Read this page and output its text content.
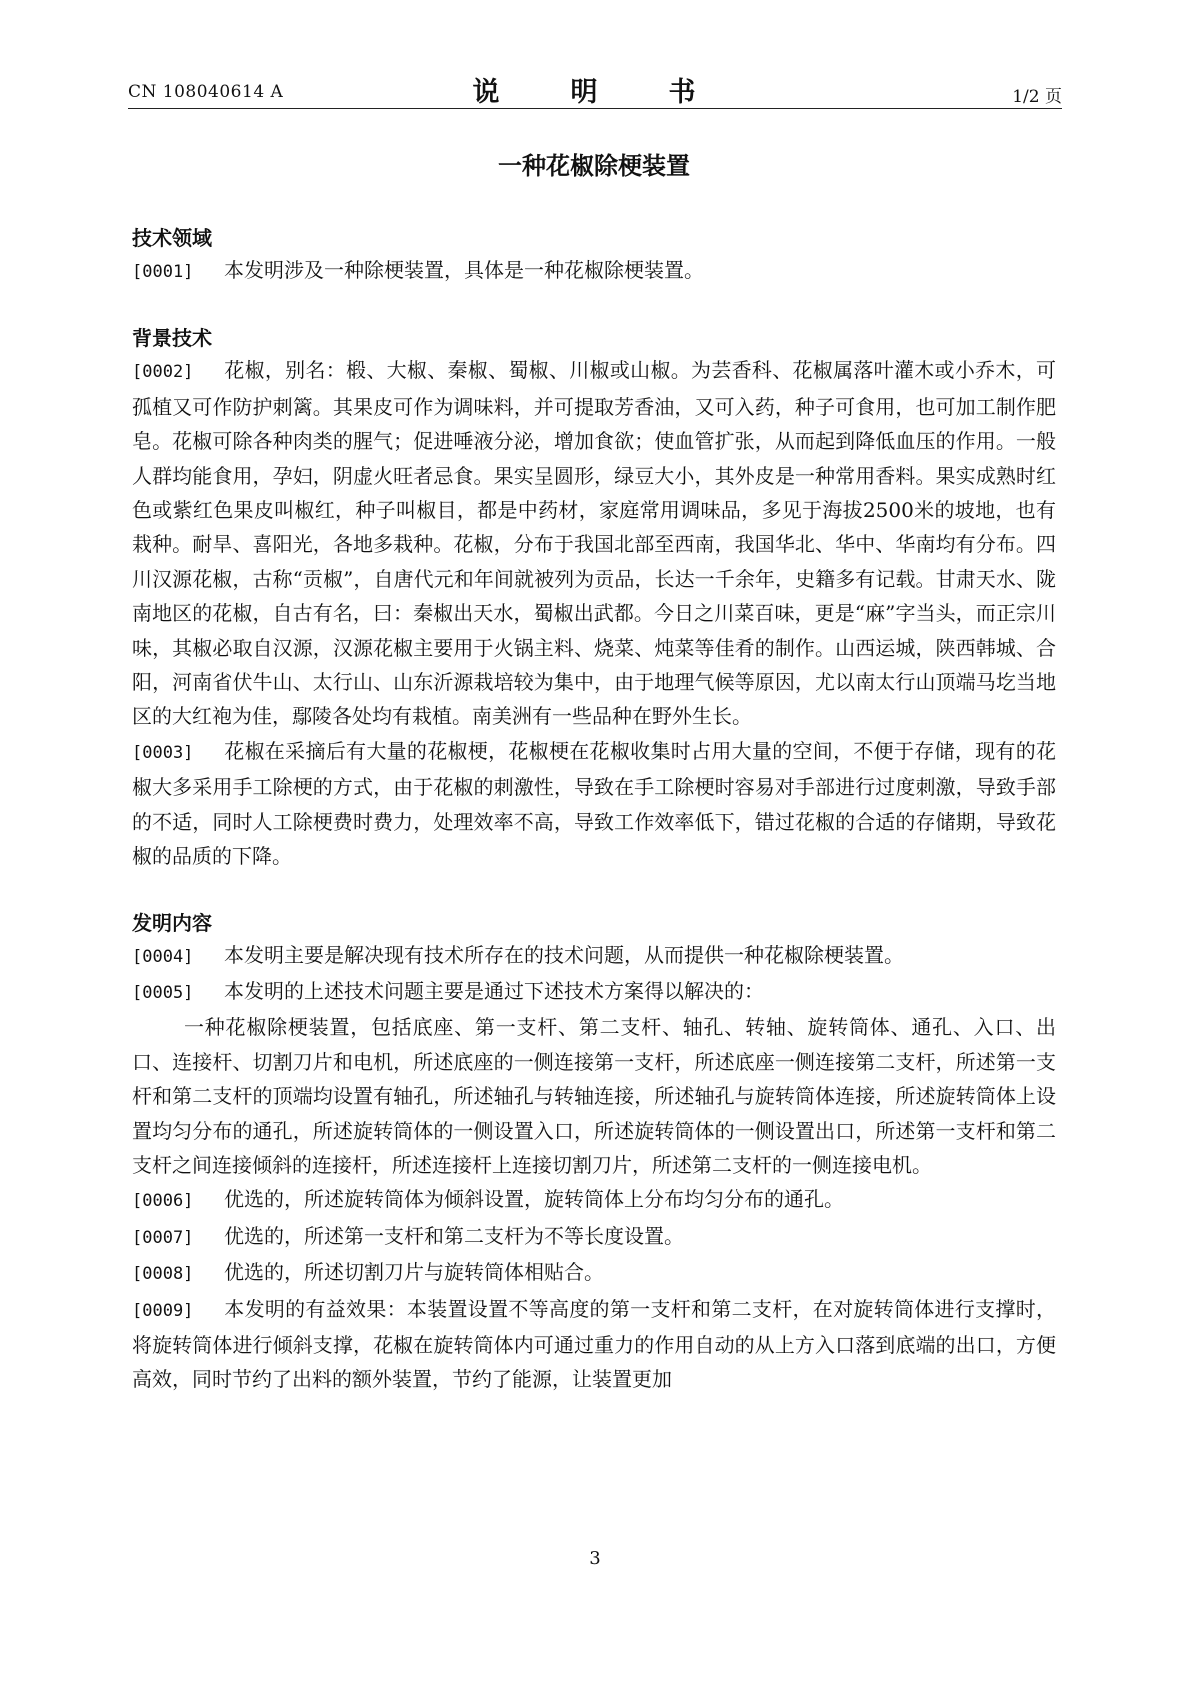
CN 108040614 A	说　明　书	1/2 页
一种花椒除梗装置

技术领域

[0001] 本发明涉及一种除梗装置，具体是一种花椒除梗装置。

背景技术

[0002] 花椒，别名：椴、大椒、秦椒、蜀椒、川椒或山椒。为芸香科、花椒属落叶灌木或小乔木，可孤植又可作防护刺篱。其果皮可作为调味料，并可提取芳香油，又可入药，种子可食用，也可加工制作肥皂。花椒可除各种肉类的腥气；促进唾液分泌，增加食欲；使血管扩张，从而起到降低血压的作用。一般人群均能食用，孕妇，阴虚火旺者忌食。果实呈圆形，绿豆大小，其外皮是一种常用香料。果实成熟时红色或紫红色果皮叫椒红，种子叫椒目，都是中药材，家庭常用调味品，多见于海拔2500米的坡地，也有栽种。耐旱、喜阳光，各地多栽种。花椒，分布于我国北部至西南，我国华北、华中、华南均有分布。四川汉源花椒，古称“贡椒”，自唐代元和年间就被列为贡品，长达一千余年，史籍多有记载。甘肃天水、陇南地区的花椒，自古有名，曰：秦椒出天水，蜀椒出武都。今日之川菜百味，更是“麻”字当头，而正宗川味，其椒必取自汉源，汉源花椒主要用于火锅主料、烧菜、炖菜等佳肴的制作。山西运城，陕西韩城、合阳，河南省伏牛山、太行山、山东沂源栽培较为集中，由于地理气候等原因，尤以南太行山顶端马圪当地区的大红袍为佳，鄢陵各处均有栽植。南美洲有一些品种在野外生长。

[0003] 花椒在采摘后有大量的花椒梗，花椒梗在花椒收集时占用大量的空间，不便于存储，现有的花椒大多采用手工除梗的方式，由于花椒的刺激性，导致在手工除梗时容易对手部进行过度刺激，导致手部的不适，同时人工除梗费时费力，处理效率不高，导致工作效率低下，错过花椒的合适的存储期，导致花椒的品质的下降。

发明内容

[0004] 本发明主要是解决现有技术所存在的技术问题，从而提供一种花椒除梗装置。

[0005] 本发明的上述技术问题主要是通过下述技术方案得以解决的：

一种花椒除梗装置，包括底座、第一支杆、第二支杆、轴孔、转轴、旋转筒体、通孔、入口、出口、连接杆、切割刀片和电机，所述底座的一侧连接第一支杆，所述底座一侧连接第二支杆，所述第一支杆和第二支杆的顶端均设置有轴孔，所述轴孔与转轴连接，所述轴孔与旋转筒体连接，所述旋转筒体上设置均匀分布的通孔，所述旋转筒体的一侧设置入口，所述旋转筒体的一侧设置出口，所述第一支杆和第二支杆之间连接倾斜的连接杆，所述连接杆上连接切割刀片，所述第二支杆的一侧连接电机。

[0006] 优选的，所述旋转筒体为倾斜设置，旋转筒体上分布均匀分布的通孔。

[0007] 优选的，所述第一支杆和第二支杆为不等长度设置。

[0008] 优选的，所述切割刀片与旋转筒体相贴合。

[0009] 本发明的有益效果：本装置设置不等高度的第一支杆和第二支杆，在对旋转筒体进行支撑时，将旋转筒体进行倾斜支撑，花椒在旋转筒体内可通过重力的作用自动的从上方入口落到底端的出口，方便高效，同时节约了出料的额外装置，节约了能源，让装置更加

3
